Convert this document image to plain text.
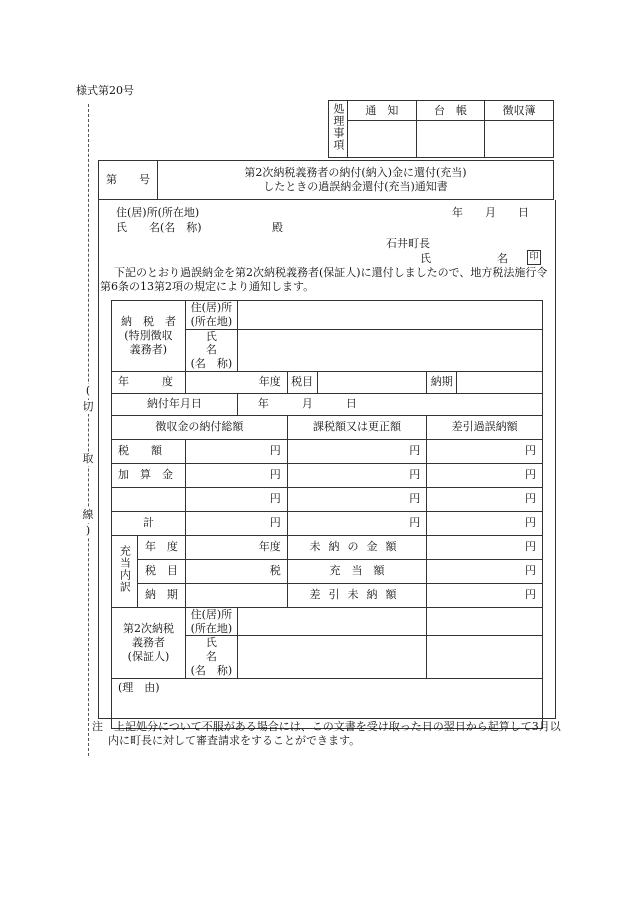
様式第20号
(
切
取
線
)
処理事項	通　知	台　帳	徴収簿

第　　号	
第2次納税義務者の納付(納入)金に還付(充当)
したときの過誤納金還付(充当)通知書
住(居)所(所在地)
氏　　名(名　称)	殿
年　　月　　日
石井町長
氏　　　　　　名 印
下記のとおり過誤納金を第2次納税義務者(保証人)に還付しましたので、地方税法施行令第6条の13第2項の規定により通知します。
納　税　者
(特別徴収
義務者)		住(居)所
(所在地)					
		氏　　　名
(名　称)					
年　　　度		年度		税目		納期	
納付年月日			年　　　月　　　日				
徴収金の納付総額				課税額又は更正額		差引過誤納額	
税　　額		円		円		円	
加　算　金		円		円		円	
		円		円		円	
計		円		円		円	
充当内訳	年　度	年度		未納の金額		円	
	税　目	税		充　当　額		円	
	納　期			差引未納額		円	
第2次納税
義務者
(保証人)		住(居)所
(所在地)					
		氏　　　名
(名　称)					
(理　由)							
注　上記処分について不服がある場合には、この文書を受け取った日の翌日から起算して3月以内に町長に対して審査請求をすることができます。
